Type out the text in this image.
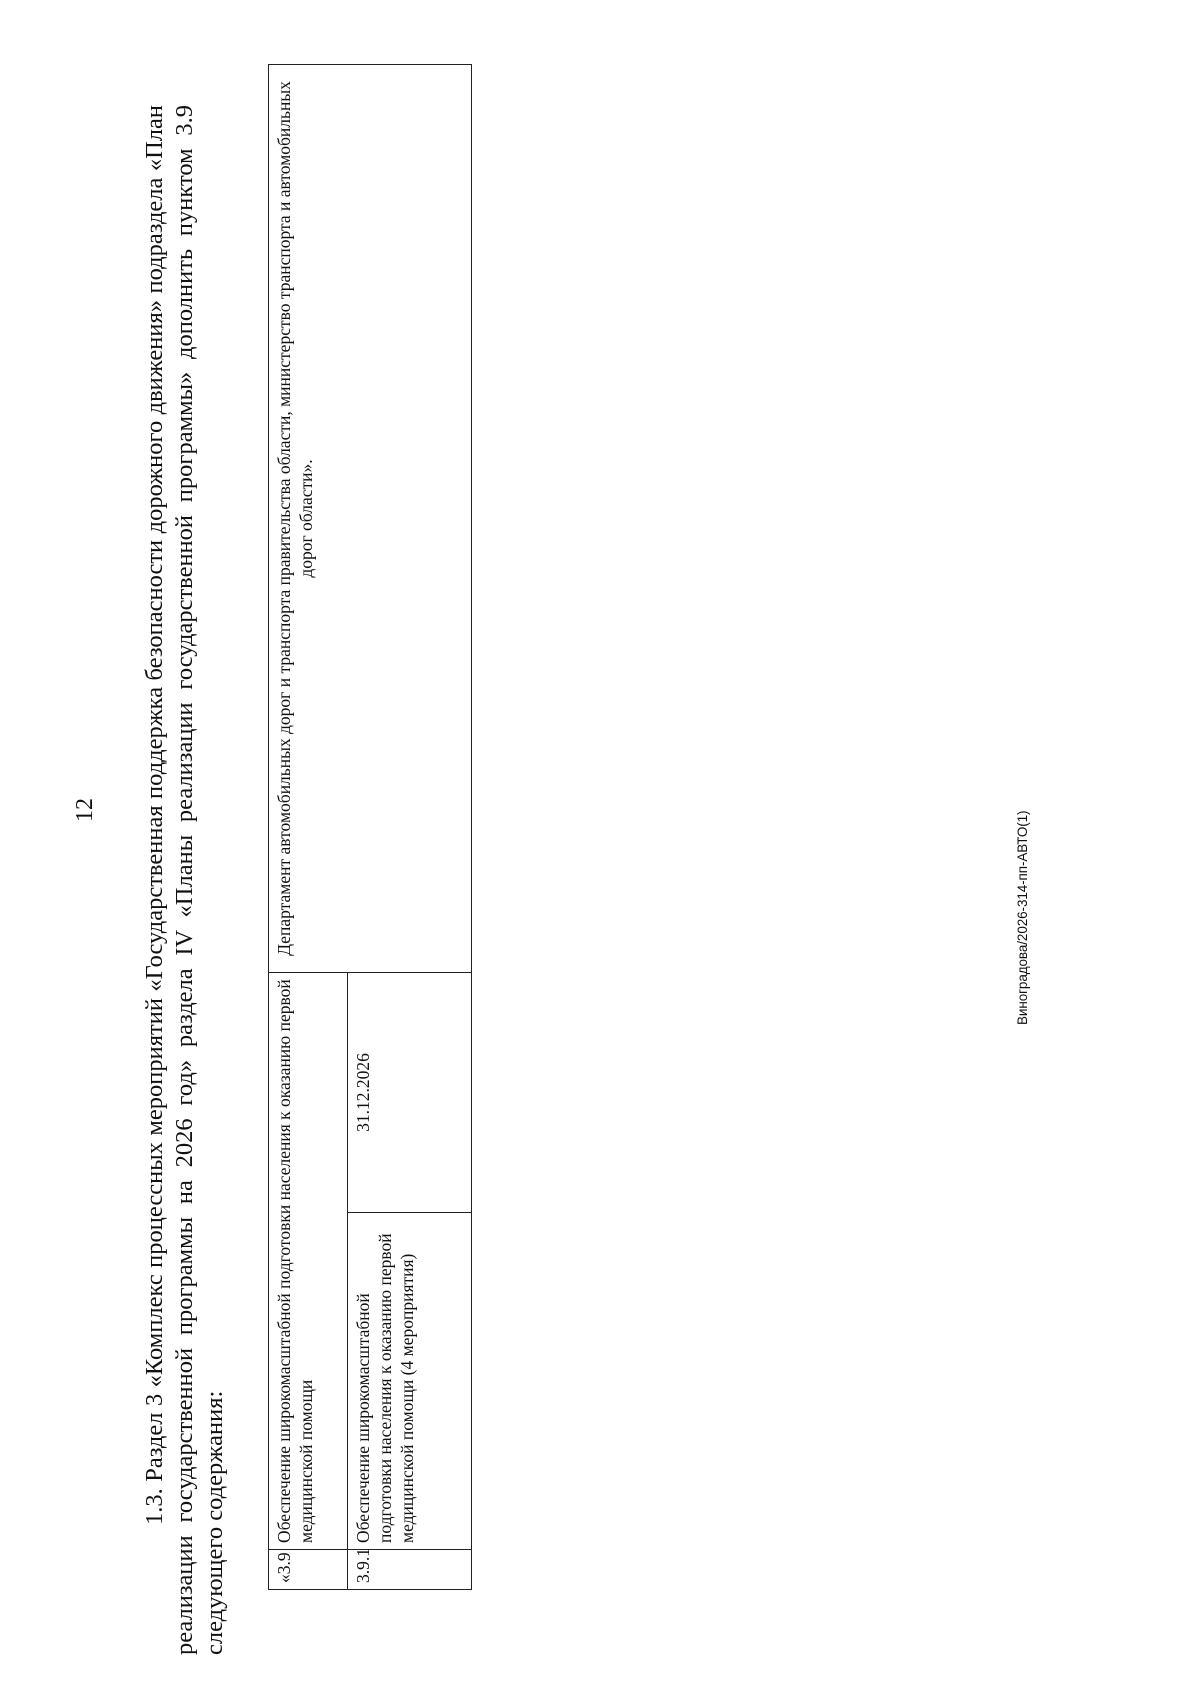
12 1.3. Раздел 3 «Комплекс процессных мероприятий «Государственная поддержка безопасности дорожного движения» подраздела «План реализации государственной программы на 2026 год» раздела IV «Планы реализации государственной программы» дополнить пунктом 3.9 следующего содержания:	«3.9	Обеспечение широкомасштабной подготовки населения к оказанию первой медицинской помощи		Департамент автомобильных дорог и транспорта правительства области, министерство транспорта и автомобильных дорог области».
3.9.1	Обеспечение широкомасштабной подготовки населения к оказанию первой медицинской помощи (4 мероприятия)	31.12.2026	
Виноградова/2026-314-пп-АВТО(1)
